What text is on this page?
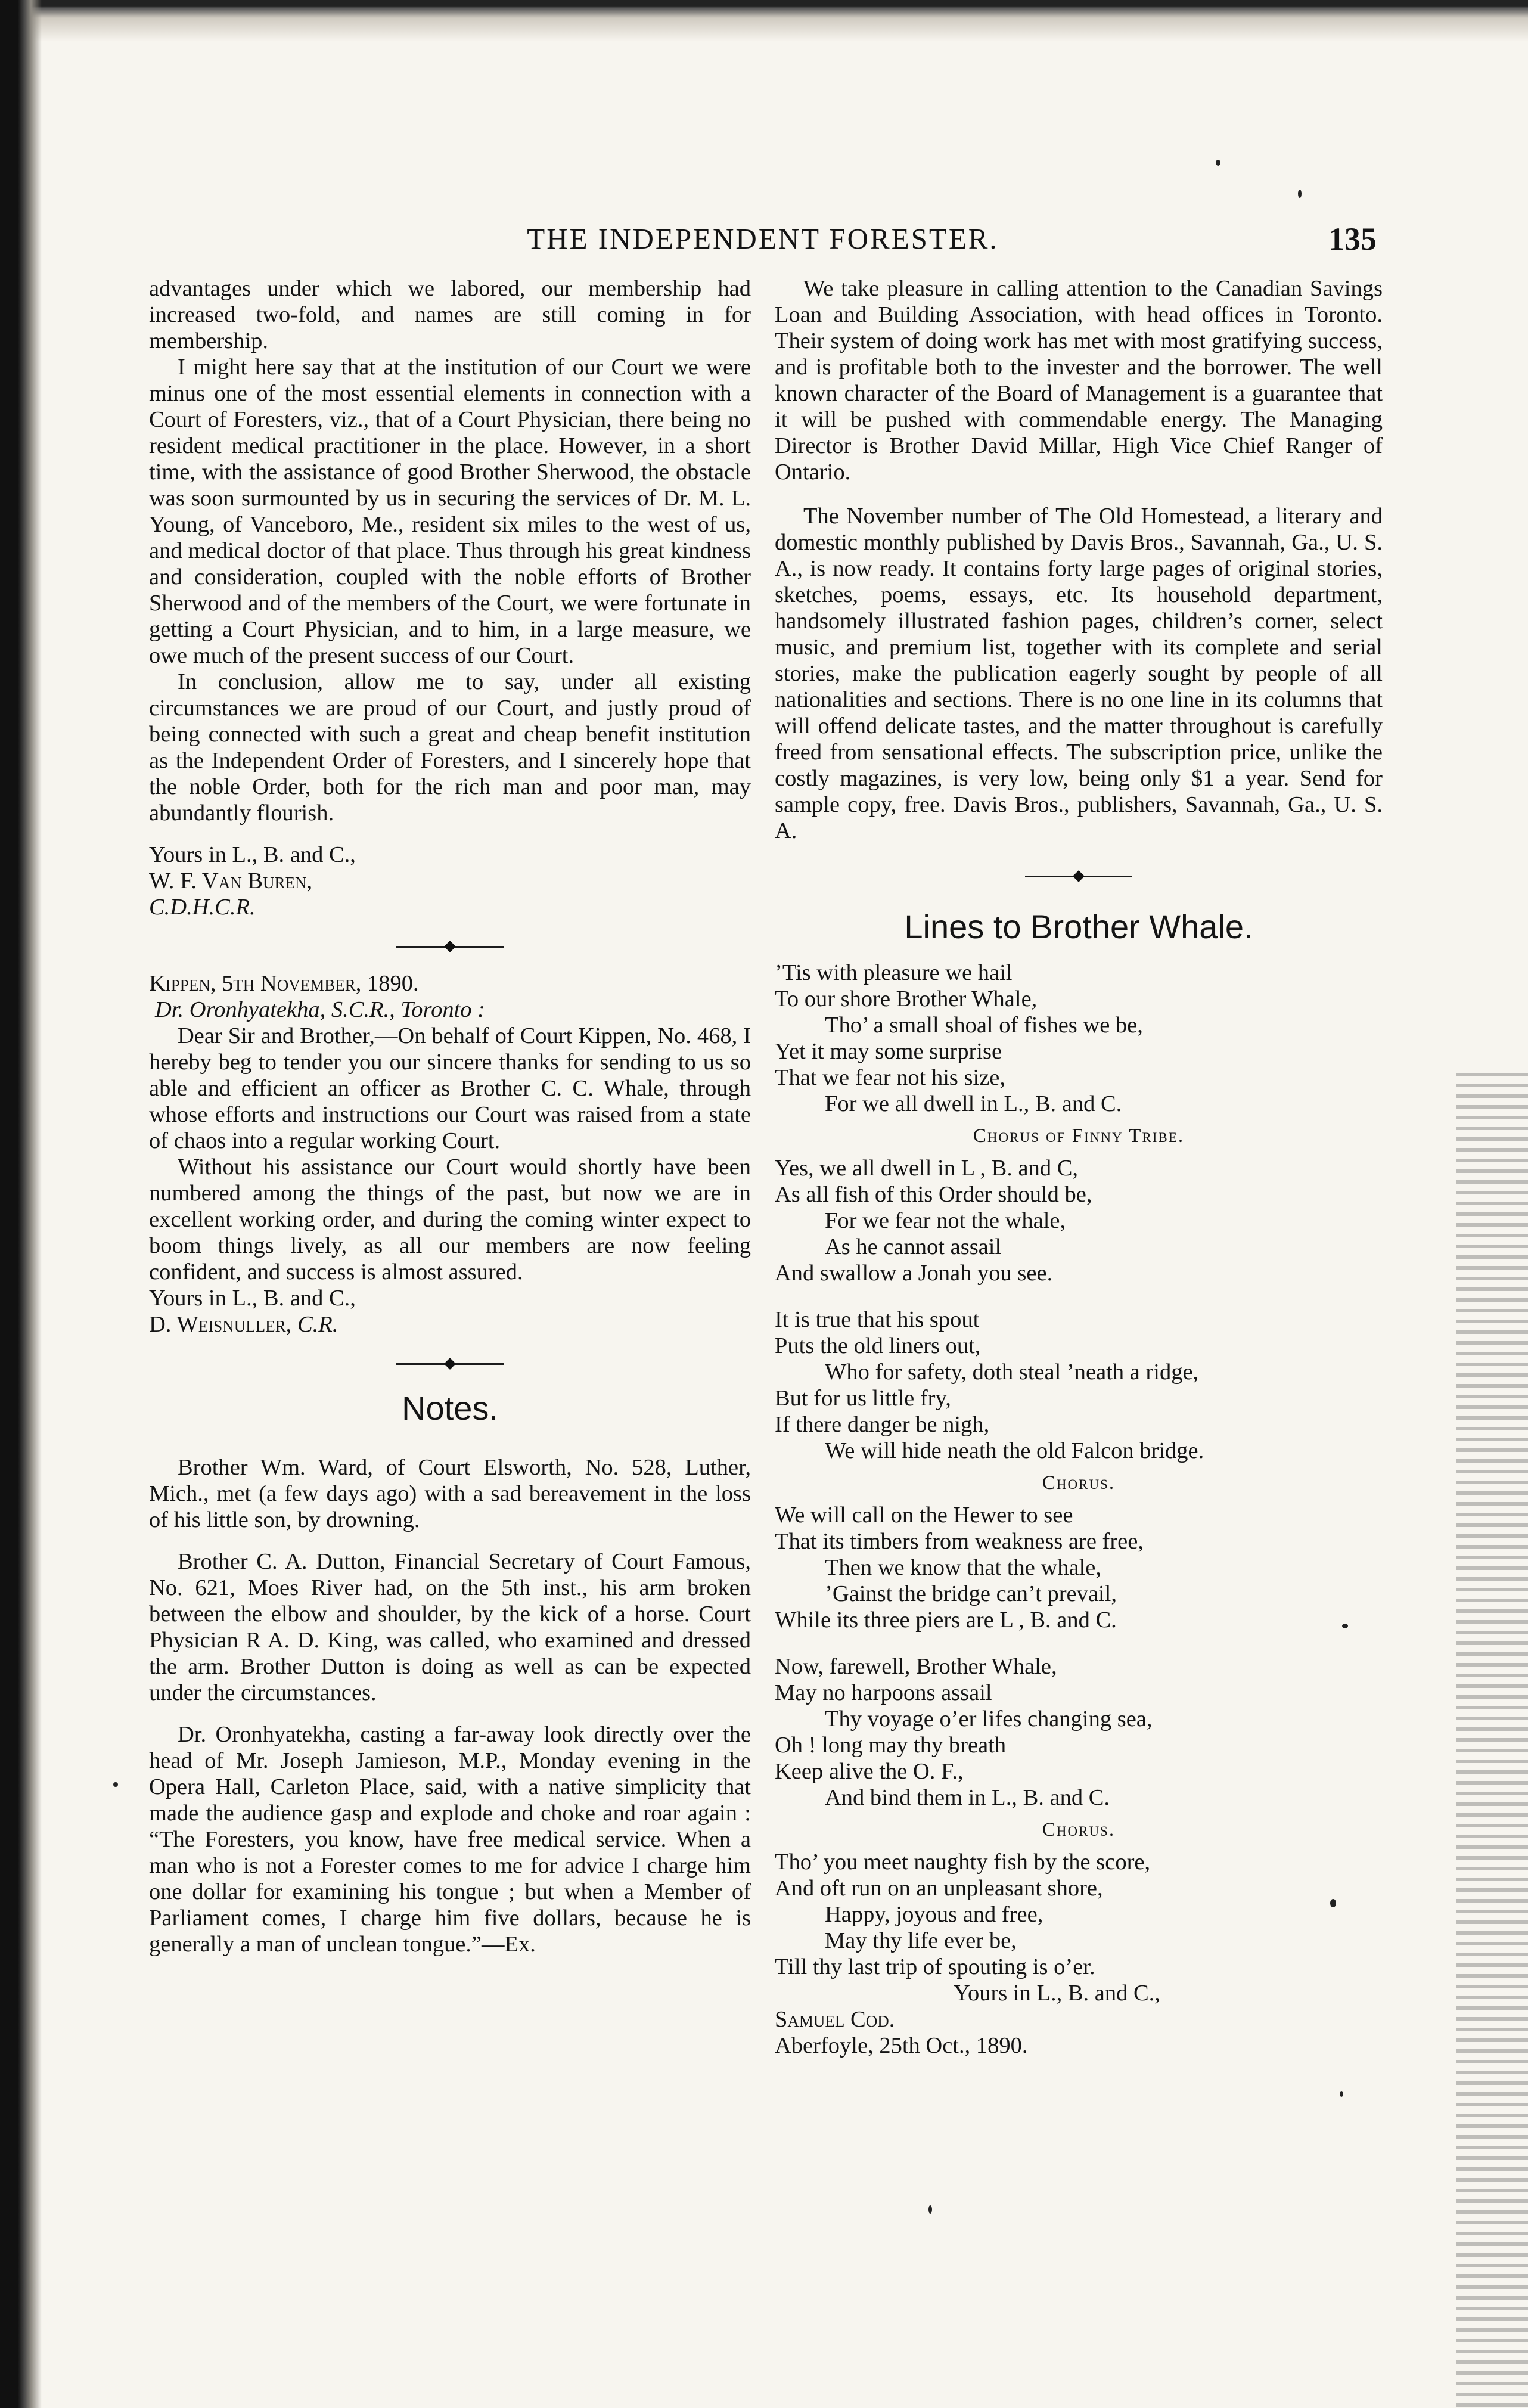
THE INDEPENDENT FORESTER.	135

advantages under which we labored, our membership had increased two-fold, and names are still coming in for membership.

I might here say that at the institution of our Court we were minus one of the most essential elements in connection with a Court of Foresters, viz., that of a Court Physician, there being no resident medical practitioner in the place. However, in a short time, with the assistance of good Brother Sherwood, the obstacle was soon surmounted by us in securing the services of Dr. M. L. Young, of Vanceboro, Me., resident six miles to the west of us, and medical doctor of that place. Thus through his great kindness and consideration, coupled with the noble efforts of Brother Sherwood and of the members of the Court, we were fortunate in getting a Court Physician, and to him, in a large measure, we owe much of the present success of our Court.

In conclusion, allow me to say, under all existing circumstances we are proud of our Court, and justly proud of being connected with such a great and cheap benefit institution as the Independent Order of Foresters, and I sincerely hope that the noble Order, both for the rich man and poor man, may abundantly flourish.

Yours in L., B. and C.,

W. F. Van Buren,

C.D.H.C.R.

Kippen, 5th November, 1890.

Dr. Oronhyatekha, S.C.R., Toronto :

Dear Sir and Brother,—On behalf of Court Kippen, No. 468, I hereby beg to tender you our sincere thanks for sending to us so able and efficient an officer as Brother C. C. Whale, through whose efforts and instructions our Court was raised from a state of chaos into a regular working Court.

Without his assistance our Court would shortly have been numbered among the things of the past, but now we are in excellent working order, and during the coming winter expect to boom things lively, as all our members are now feeling confident, and success is almost assured.

Yours in L., B. and C.,

D. Weisnuller, C.R.

Notes.

Brother Wm. Ward, of Court Elsworth, No. 528, Luther, Mich., met (a few days ago) with a sad bereavement in the loss of his little son, by drowning.

Brother C. A. Dutton, Financial Secretary of Court Famous, No. 621, Moes River had, on the 5th inst., his arm broken between the elbow and shoulder, by the kick of a horse. Court Physician R A. D. King, was called, who examined and dressed the arm. Brother Dutton is doing as well as can be expected under the circumstances.

Dr. Oronhyatekha, casting a far-away look directly over the head of Mr. Joseph Jamieson, M.P., Monday evening in the Opera Hall, Carleton Place, said, with a native simplicity that made the audience gasp and explode and choke and roar again : “The Foresters, you know, have free medical service. When a man who is not a Forester comes to me for advice I charge him one dollar for examining his tongue ; but when a Member of Parliament comes, I charge him five dollars, because he is generally a man of unclean tongue.”—Ex.

We take pleasure in calling attention to the Canadian Savings Loan and Building Association, with head offices in Toronto. Their system of doing work has met with most gratifying success, and is profitable both to the invester and the borrower. The well known character of the Board of Management is a guarantee that it will be pushed with commendable energy. The Managing Director is Brother David Millar, High Vice Chief Ranger of Ontario.

The November number of The Old Homestead, a literary and domestic monthly published by Davis Bros., Savannah, Ga., U. S. A., is now ready. It contains forty large pages of original stories, sketches, poems, essays, etc. Its household department, handsomely illustrated fashion pages, children’s corner, select music, and premium list, together with its complete and serial stories, make the publication eagerly sought by people of all nationalities and sections. There is no one line in its columns that will offend delicate tastes, and the matter throughout is carefully freed from sensational effects. The subscription price, unlike the costly magazines, is very low, being only $1 a year. Send for sample copy, free. Davis Bros., publishers, Savannah, Ga., U. S. A.

Lines to Brother Whale.

’Tis with pleasure we hail

To our shore Brother Whale,

Tho’ a small shoal of fishes we be,

Yet it may some surprise

That we fear not his size,

For we all dwell in L., B. and C.

Chorus of Finny Tribe.

Yes, we all dwell in L , B. and C,

As all fish of this Order should be,

For we fear not the whale,

As he cannot assail

And swallow a Jonah you see.

It is true that his spout

Puts the old liners out,

Who for safety, doth steal ’neath a ridge,

But for us little fry,

If there danger be nigh,

We will hide neath the old Falcon bridge.

Chorus.

We will call on the Hewer to see

That its timbers from weakness are free,

Then we know that the whale,

’Gainst the bridge can’t prevail,

While its three piers are L , B. and C.

Now, farewell, Brother Whale,

May no harpoons assail

Thy voyage o’er lifes changing sea,

Oh ! long may thy breath

Keep alive the O. F.,

And bind them in L., B. and C.

Chorus.

Tho’ you meet naughty fish by the score,

And oft run on an unpleasant shore,

Happy, joyous and free,

May thy life ever be,

Till thy last trip of spouting is o’er.

Yours in L., B. and C.,

Samuel Cod.

Aberfoyle, 25th Oct., 1890.
